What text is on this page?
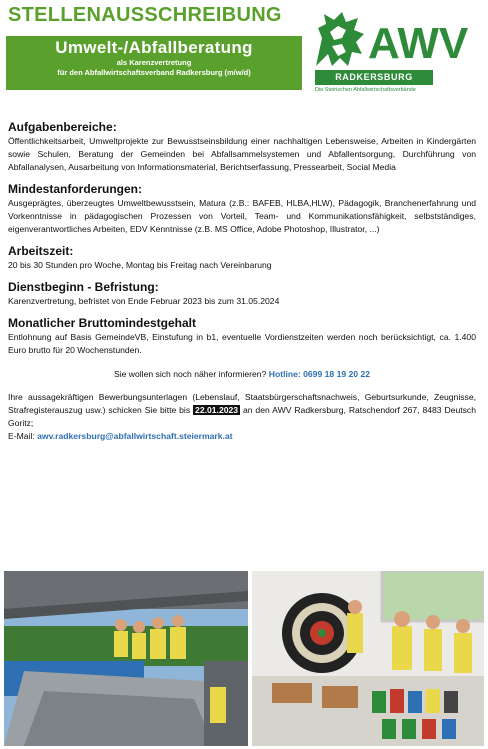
STELLENAUSSCHREIBUNG
Umwelt-/Abfallberatung
als Karenzvertretung
für den Abfallwirtschaftsverband Radkersburg (m/w/d)
AWV
RADKERSBURG
Die Steirischen Abfallwirtschaftsverbände
Aufgabenbereiche:

Öffentlichkeitsarbeit, Umweltprojekte zur Bewusstseinsbildung einer nachhaltigen Lebensweise, Arbeiten in Kindergärten sowie Schulen, Beratung der Gemeinden bei Abfallsammelsystemen und Abfallentsorgung, Durchführung von Abfallanalysen, Ausarbeitung von Informationsmaterial, Berichtserfassung, Pressearbeit, Social Media

Mindestanforderungen:

Ausgeprägtes, überzeugtes Umweltbewusstsein, Matura (z.B.: BAFEB, HLBA,HLW), Pädagogik, Branchenerfahrung und Vorkenntnisse in pädagogischen Prozessen von Vorteil, Team- und Kommunikationsfähigkeit, selbstständiges, eigenverantwortliches Arbeiten, EDV Kenntnisse (z.B. MS Office, Adobe Photoshop, Illustrator, ...)

Arbeitszeit:

20 bis 30 Stunden pro Woche, Montag bis Freitag nach Vereinbarung

Dienstbeginn - Befristung:

Karenzvertretung, befristet von Ende Februar 2023 bis zum 31.05.2024

Monatlicher Bruttomindestgehalt

Entlohnung auf Basis GemeindeVB, Einstufung in b1, eventuelle Vordienstzeiten werden noch berücksichtigt, ca. 1.400 Euro brutto für 20 Wochenstunden.

Sie wollen sich noch näher informieren? Hotline: 0699 18 19 20 22
Ihre aussagekräftigen Bewerbungsunterlagen (Lebenslauf, Staatsbürgerschaftsnachweis, Geburtsurkunde, Zeugnisse, Strafregisterauszug usw.) schicken Sie bitte bis 22.01.2023 an den AWV Radkersburg, Ratschendorf 267, 8483 Deutsch Goritz;
E-Mail: awv.radkersburg@abfallwirtschaft.steiermark.at
